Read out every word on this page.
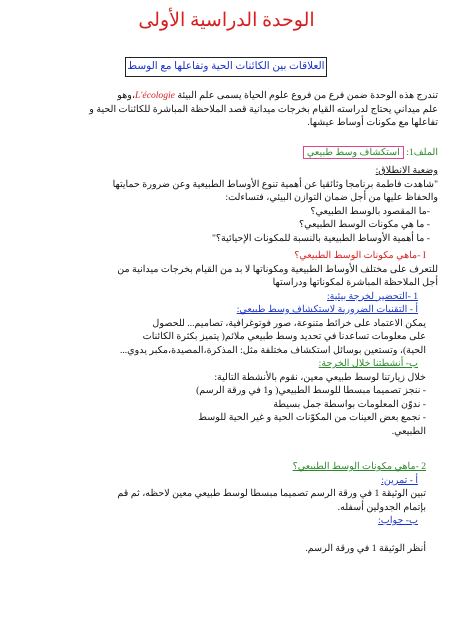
الوحدة الدراسية الأولى
العلاقات بين الكائنات الحية وتفاعلها مع الوسط
تندرج هذه الوحدة ضمن فرع من فروع علوم الحياة يسمى علم البيئة L'écologie،وهو
علم ميداني يحتاج لدراسته القيام بخرجات ميدانية قصد الملاحظة المباشرة للكائنات الحية و
تفاعلها مع مكونات أوساط عيشها.
الملف1: استكشاف وسط طبيعي
وضعية الانطلاق:
"شاهدت فاطمة برنامجا وثائقيا عن أهمية تنوع الأوساط الطبيعية وعن ضرورة حمايتها
والحفاظ عليها من أجل ضمان التوازن البيئي، فتساءلت:
-ما المقصود بالوسط الطبيعي؟
- ما هي مكونات الوسط الطبيعي؟
- ما أهمية الأوساط الطبيعية بالنسبة للمكونات الإحيائية؟"
I -ماهي مكونات الوسط الطبيعي؟
للتعرف على مختلف الأوساط الطبيعية ومكوناتها لا بد من القيام بخرجات ميدانية من
أجل الملاحظة المباشرة لمكوناتها ودراستها
1 -التحضير لخرجة بيئية:
أ - التقنيات الضرورية لاستكشاف وسط طبيعي:
يمكن الاعتماد على خرائط متنوعة، صور فوتوغرافية، تصاميم... للحصول
على معلومات تساعدنا في تحديد وسط طبيعي ملائم( يتميز بكثرة الكائنات
الحية)، وتستعين بوسائل استكشاف مختلفة مثل: المذكرة،المصيدة،مكبر يدوي...
ب- أنشطتنا خلال الخرجة:
خلال زيارتنا لوسط طبيعي معين، نقوم بالأنشطة التالية:
- ننجز تصميما مبسطا للوسط الطبيعي( و1 في ورقة الرسم)
- ندوّن المعلومات بواسطة جمل بسيطة
- نجمع بعض العينات من المكوّنات الحية و غير الحية للوسط
الطبيعي.
2 -ماهي مكونات الوسط الطبيعي؟
أ - تمرين:
تبين الوثيقة 1 في ورقة الرسم تصميما مبسطا لوسط طبيعي معين لاحظه، ثم قم
بإتمام الجدولين أسفله.
ب- جواب:
أنظر الوثيقة 1 في ورقة الرسم.
